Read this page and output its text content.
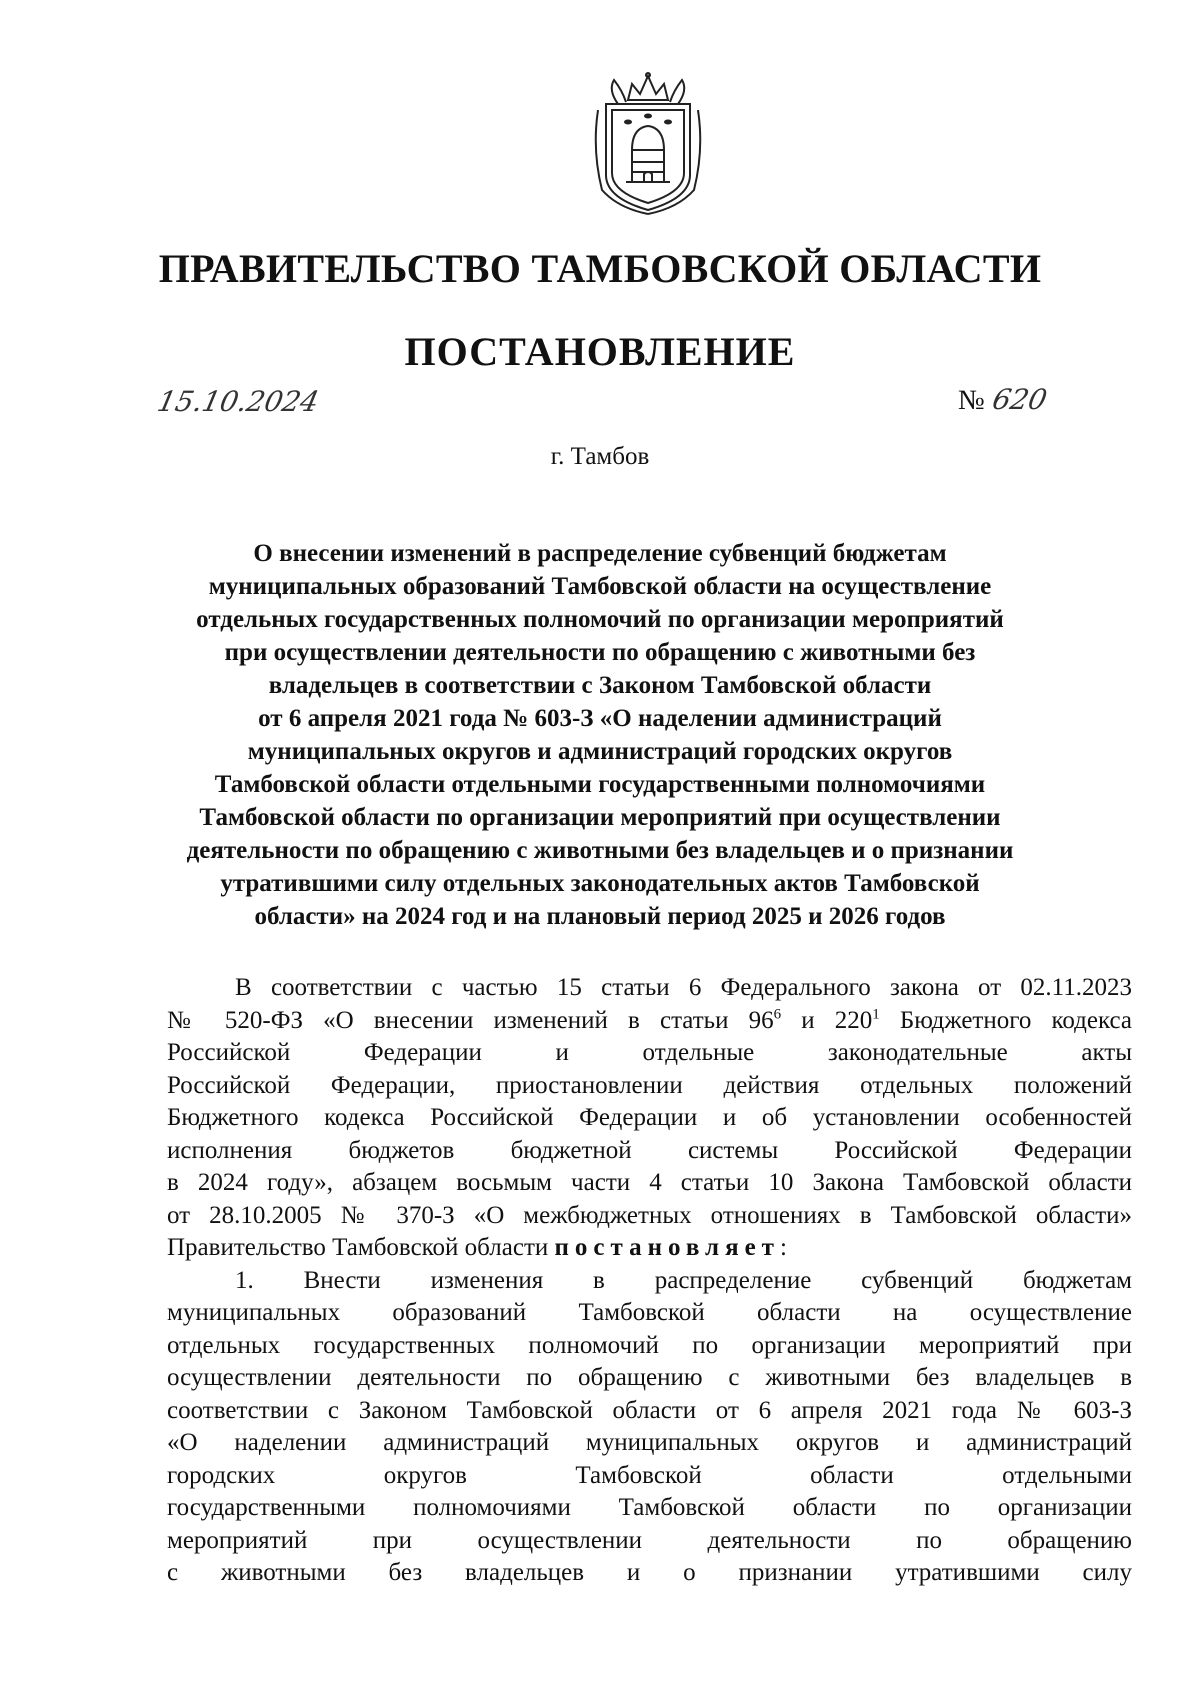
ПРАВИТЕЛЬСТВО ТАМБОВСКОЙ ОБЛАСТИ
ПОСТАНОВЛЕНИЕ
15.10.2024	№ 620
г. Тамбов
О внесении изменений в распределение субвенций бюджетам
муниципальных образований Тамбовской области на осуществление
отдельных государственных полномочий по организации мероприятий
при осуществлении деятельности по обращению с животными без
владельцев в соответствии с Законом Тамбовской области
от 6 апреля 2021 года № 603-З «О наделении администраций
муниципальных округов и администраций городских округов
Тамбовской области отдельными государственными полномочиями
Тамбовской области по организации мероприятий при осуществлении
деятельности по обращению с животными без владельцев и о признании
утратившими силу отдельных законодательных актов Тамбовской
области» на 2024 год и на плановый период 2025 и 2026 годов
В соответствии с частью 15 статьи 6 Федерального закона от 02.11.2023
№ 520-ФЗ «О внесении изменений в статьи $96^6$ и $220^1$ Бюджетного кодекса
Российской Федерации и отдельные законодательные акты
Российской Федерации, приостановлении действия отдельных положений
Бюджетного кодекса Российской Федерации и об установлении особенностей
исполнения бюджетов бюджетной системы Российской Федерации
в 2024 году», абзацем восьмым части 4 статьи 10 Закона Тамбовской области
от 28.10.2005 № 370-З «О межбюджетных отношениях в Тамбовской области»
Правительство Тамбовской области постановляет:
1. Внести изменения в распределение субвенций бюджетам
муниципальных образований Тамбовской области на осуществление
отдельных государственных полномочий по организации мероприятий при
осуществлении деятельности по обращению с животными без владельцев в
соответствии с Законом Тамбовской области от 6 апреля 2021 года № 603-З
«О наделении администраций муниципальных округов и администраций
городских округов Тамбовской области отдельными
государственными полномочиями Тамбовской области по организации
мероприятий при осуществлении деятельности по обращению
с животными без владельцев и о признании утратившими силу
